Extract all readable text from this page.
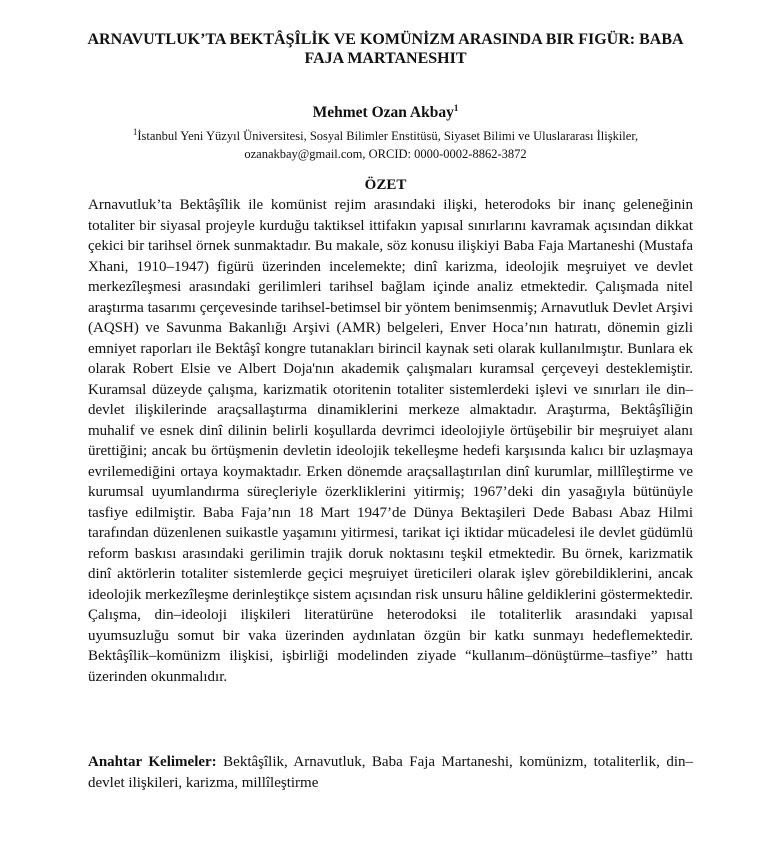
ARNAVUTLUK’TA BEKTÂŞÎLİK VE KOMÜNİZM ARASINDA BIR FIGÜR: BABA FAJA MARTANESHIT
Mehmet Ozan Akbay$^1$
$^1$İstanbul Yeni Yüzyıl Üniversitesi, Sosyal Bilimler Enstitüsü, Siyaset Bilimi ve Uluslararası İlişkiler,
ozanakbay@gmail.com, ORCID: 0000-0002-8862-3872
ÖZET

Arnavutluk’ta Bektâşîlik ile komünist rejim arasındaki ilişki, heterodoks bir inanç geleneğinin totaliter bir siyasal projeyle kurduğu taktiksel ittifakın yapısal sınırlarını kavramak açısından dikkat çekici bir tarihsel örnek sunmaktadır. Bu makale, söz konusu ilişkiyi Baba Faja Martaneshi (Mustafa Xhani, 1910–1947) figürü üzerinden incelemekte; dinî karizma, ideolojik meşruiyet ve devlet merkezîleşmesi arasındaki gerilimleri tarihsel bağlam içinde analiz etmektedir. Çalışmada nitel araştırma tasarımı çerçevesinde tarihsel-betimsel bir yöntem benimsenmiş; Arnavutluk Devlet Arşivi (AQSH) ve Savunma Bakanlığı Arşivi (AMR) belgeleri, Enver Hoca’nın hatıratı, dönemin gizli emniyet raporları ile Bektâşî kongre tutanakları birincil kaynak seti olarak kullanılmıştır. Bunlara ek olarak Robert Elsie ve Albert Doja'nın akademik çalışmaları kuramsal çerçeveyi desteklemiştir. Kuramsal düzeyde çalışma, karizmatik otoritenin totaliter sistemlerdeki işlevi ve sınırları ile din–devlet ilişkilerinde araçsallaştırma dinamiklerini merkeze almaktadır. Araştırma, Bektâşîliğin muhalif ve esnek dinî dilinin belirli koşullarda devrimci ideolojiyle örtüşebilir bir meşruiyet alanı ürettiğini; ancak bu örtüşmenin devletin ideolojik tekelleşme hedefi karşısında kalıcı bir uzlaşmaya evrilemediğini ortaya koymaktadır. Erken dönemde araçsallaştırılan dinî kurumlar, millîleştirme ve kurumsal uyumlandırma süreçleriyle özerkliklerini yitirmiş; 1967’deki din yasağıyla bütünüyle tasfiye edilmiştir. Baba Faja’nın 18 Mart 1947’de Dünya Bektaşileri Dede Babası Abaz Hilmi tarafından düzenlenen suikastle yaşamını yitirmesi, tarikat içi iktidar mücadelesi ile devlet güdümlü reform baskısı arasındaki gerilimin trajik doruk noktasını teşkil etmektedir. Bu örnek, karizmatik dinî aktörlerin totaliter sistemlerde geçici meşruiyet üreticileri olarak işlev görebildiklerini, ancak ideolojik merkezîleşme derinleştikçe sistem açısından risk unsuru hâline geldiklerini göstermektedir. Çalışma, din–ideoloji ilişkileri literatürüne heterodoksi ile totaliterlik arasındaki yapısal uyumsuzluğu somut bir vaka üzerinden aydınlatan özgün bir katkı sunmayı hedeflemektedir. Bektâşîlik–komünizm ilişkisi, işbirliği modelinden ziyade “kullanım–dönüştürme–tasfiye” hattı üzerinden okunmalıdır.

Anahtar Kelimeler: Bektâşîlik, Arnavutluk, Baba Faja Martaneshi, komünizm, totaliterlik, din–devlet ilişkileri, karizma, millîleştirme
